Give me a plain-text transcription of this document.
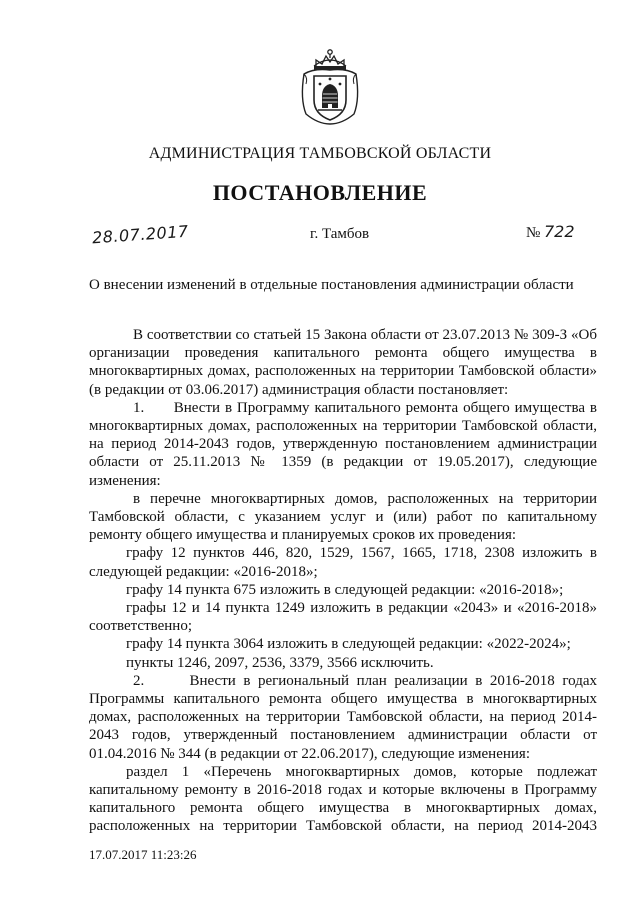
АДМИНИСТРАЦИЯ ТАМБОВСКОЙ ОБЛАСТИ
ПОСТАНОВЛЕНИЕ
28.07.2017	г. Тамбов	№ 722
О внесении изменений в отдельные постановления администрации области

В соответствии со статьей 15 Закона области от 23.07.2013 № 309-З «Об организации проведения капитального ремонта общего имущества в многоквартирных домах, расположенных на территории Тамбовской области» (в редакции от 03.06.2017) администрация области постановляет:

1.      Внести в Программу капитального ремонта общего имущества в многоквартирных домах, расположенных на территории Тамбовской области, на период 2014-2043 годов, утвержденную постановлением администрации области от 25.11.2013 № 1359 (в редакции от 19.05.2017), следующие изменения:

в перечне многоквартирных домов, расположенных на территории Тамбовской области, с указанием услуг и (или) работ по капитальному ремонту общего имущества и планируемых сроков их проведения:

графу 12 пунктов 446, 820, 1529, 1567, 1665, 1718, 2308 изложить в следующей редакции: «2016-2018»;

графу 14 пункта 675 изложить в следующей редакции: «2016-2018»;

графы 12 и 14 пункта 1249 изложить в редакции «2043» и «2016-2018» соответственно;

графу 14 пункта 3064 изложить в следующей редакции: «2022-2024»;

пункты 1246, 2097, 2536, 3379, 3566 исключить.

2.      Внести в региональный план реализации в 2016-2018 годах Программы капитального ремонта общего имущества в многоквартирных домах, расположенных на территории Тамбовской области, на период 2014-2043 годов, утвержденный постановлением администрации области от 01.04.2016 № 344 (в редакции от 22.06.2017), следующие изменения:

раздел 1 «Перечень многоквартирных домов, которые подлежат капитальному ремонту в 2016-2018 годах и которые включены в Программу капитального ремонта общего имущества в многоквартирных домах, расположенных на территории Тамбовской области, на период 2014-2043

17.07.2017 11:23:26
